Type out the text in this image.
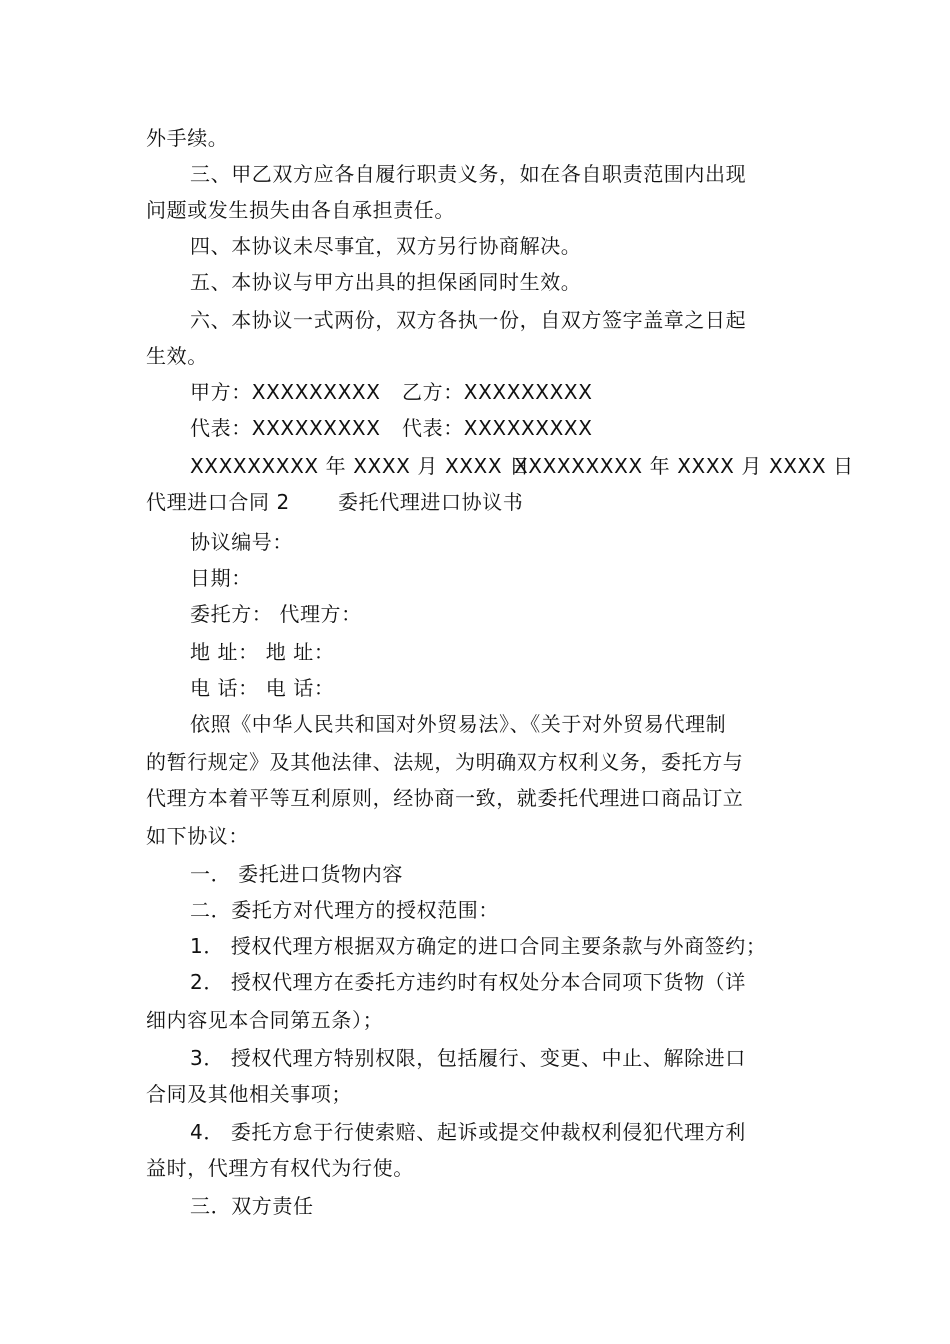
外手续。
三、甲乙双方应各自履行职责义务，如在各自职责范围内出现
问题或发生损失由各自承担责任。
四、本协议未尽事宜，双方另行协商解决。
五、本协议与甲方出具的担保函同时生效。
六、本协议一式两份，双方各执一份，自双方签字盖章之日起
生效。
甲方：XXXXXXXXX 乙方：XXXXXXXXX
代表：XXXXXXXXX 代表：XXXXXXXXX
XXXXXXXXX 年 XXXX 月 XXXX 日
XXXXXXXXX 年 XXXX 月 XXXX 日
代理进口合同 2 委托代理进口协议书
协议编号：
日期：
委托方： 代理方：
地 址： 地 址：
电 话： 电 话：
依照《中华人民共和国对外贸易法》、《关于对外贸易代理制
的暂行规定》及其他法律、法规，为明确双方权利义务，委托方与
代理方本着平等互利原则，经协商一致，就委托代理进口商品订立
如下协议：
一． 委托进口货物内容
二．委托方对代理方的授权范围：
1． 授权代理方根据双方确定的进口合同主要条款与外商签约；
2． 授权代理方在委托方违约时有权处分本合同项下货物（详
细内容见本合同第五条）；
3． 授权代理方特别权限，包括履行、变更、中止、解除进口
合同及其他相关事项；
4． 委托方怠于行使索赔、起诉或提交仲裁权利侵犯代理方利
益时，代理方有权代为行使。
三．双方责任
